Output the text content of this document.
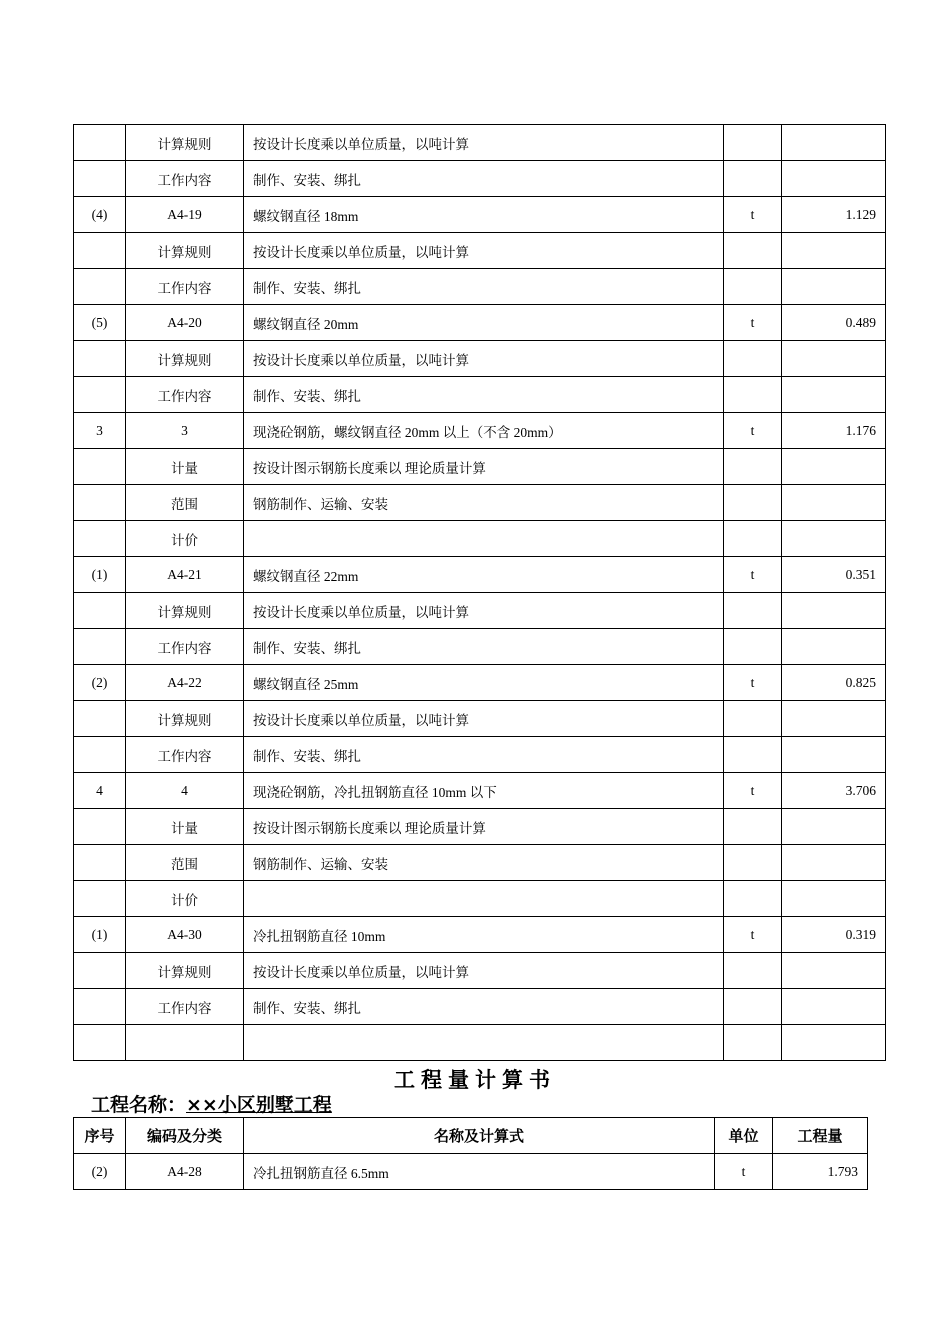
	计算规则	按设计长度乘以单位质量，以吨计算		
	工作内容	制作、安装、绑扎		
(4)	A4-19	螺纹钢直径 18mm	t	1.129
	计算规则	按设计长度乘以单位质量，以吨计算		
	工作内容	制作、安装、绑扎		
(5)	A4-20	螺纹钢直径 20mm	t	0.489
	计算规则	按设计长度乘以单位质量，以吨计算		
	工作内容	制作、安装、绑扎		
3	3	现浇砼钢筋，螺纹钢直径 20mm 以上（不含 20mm）	t	1.176
	计量	按设计图示钢筋长度乘以 理论质量计算		
	范围	钢筋制作、运输、安装		
	计价			
(1)	A4-21	螺纹钢直径 22mm	t	0.351
	计算规则	按设计长度乘以单位质量，以吨计算		
	工作内容	制作、安装、绑扎		
(2)	A4-22	螺纹钢直径 25mm	t	0.825
	计算规则	按设计长度乘以单位质量，以吨计算		
	工作内容	制作、安装、绑扎		
4	4	现浇砼钢筋，冷扎扭钢筋直径 10mm 以下	t	3.706
	计量	按设计图示钢筋长度乘以 理论质量计算		
	范围	钢筋制作、运输、安装		
	计价			
(1)	A4-30	冷扎扭钢筋直径 10mm	t	0.319
	计算规则	按设计长度乘以单位质量，以吨计算		
	工作内容	制作、安装、绑扎		

工程量计算书
工程名称：××小区别墅工程
序号	编码及分类	名称及计算式	单位	工程量
(2)	A4-28	冷扎扭钢筋直径 6.5mm	t	1.793
